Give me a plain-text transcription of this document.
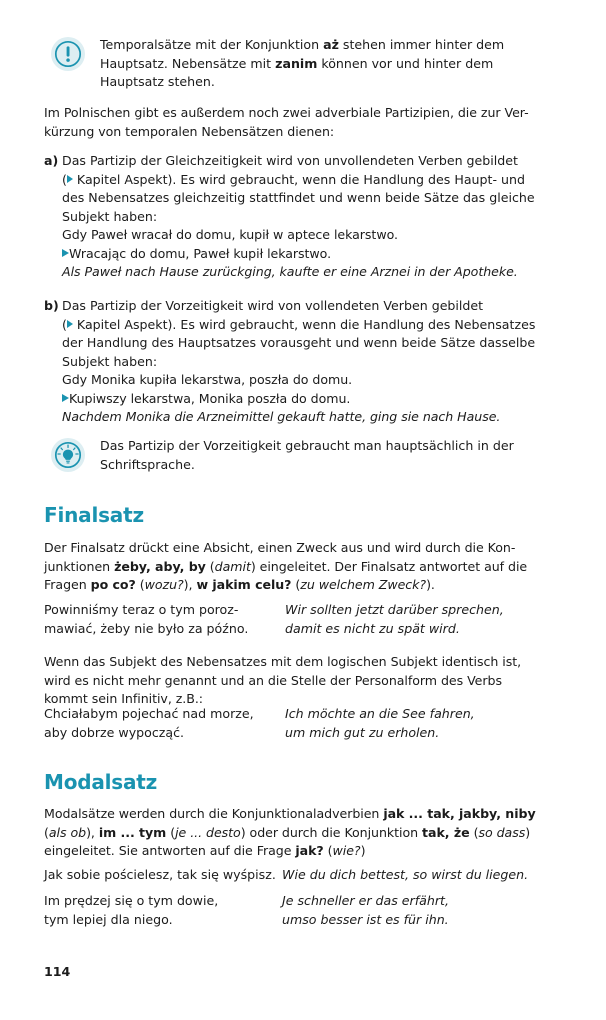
Temporalsätze mit der Konjunktion aż stehen immer hinter dem
Hauptsatz. Nebensätze mit zanim können vor und hinter dem
Hauptsatz stehen.
Im Polnischen gibt es außerdem noch zwei adverbiale Partizipien, die zur Ver-
kürzung von temporalen Nebensätzen dienen:
a) Das Partizip der Gleichzeitigkeit wird von unvollendeten Verben gebildet
( Kapitel Aspekt). Es wird gebraucht, wenn die Handlung des Haupt- und
des Nebensatzes gleichzeitig stattfindet und wenn beide Sätze das gleiche
Subjekt haben:
Gdy Paweł wracał do domu, kupił w aptece lekarstwo.
Wracając do domu, Paweł kupił lekarstwo.
Als Paweł nach Hause zurückging, kaufte er eine Arznei in der Apotheke.
b) Das Partizip der Vorzeitigkeit wird von vollendeten Verben gebildet
( Kapitel Aspekt). Es wird gebraucht, wenn die Handlung des Nebensatzes
der Handlung des Hauptsatzes vorausgeht und wenn beide Sätze dasselbe
Subjekt haben:
Gdy Monika kupiła lekarstwa, poszła do domu.
Kupiwszy lekarstwa, Monika poszła do domu.
Nachdem Monika die Arzneimittel gekauft hatte, ging sie nach Hause.
Das Partizip der Vorzeitigkeit gebraucht man hauptsächlich in der
Schriftsprache.
Finalsatz
Der Finalsatz drückt eine Absicht, einen Zweck aus und wird durch die Kon-
junktionen żeby, aby, by (damit) eingeleitet. Der Finalsatz antwortet auf die
Fragen po co? (wozu?), w jakim celu? (zu welchem Zweck?).
Powinniśmy teraz o tym poroz-
mawiać, żeby nie było za późno.
Wir sollten jetzt darüber sprechen,
damit es nicht zu spät wird.
Wenn das Subjekt des Nebensatzes mit dem logischen Subjekt identisch ist,
wird es nicht mehr genannt und an die Stelle der Personalform des Verbs
kommt sein Infinitiv, z.B.:
Chciałabym pojechać nad morze,
aby dobrze wypocząć.
Ich möchte an die See fahren,
um mich gut zu erholen.
Modalsatz
Modalsätze werden durch die Konjunktionaladverbien jak ... tak, jakby, niby
(als ob), im ... tym (je ... desto) oder durch die Konjunktion tak, że (so dass)
eingeleitet. Sie antworten auf die Frage jak? (wie?)
Jak sobie pościelesz, tak się wyśpisz. Wie du dich bettest, so wirst du liegen.
Im prędzej się o tym dowie,
tym lepiej dla niego.
Je schneller er das erfährt,
umso besser ist es für ihn.
114
